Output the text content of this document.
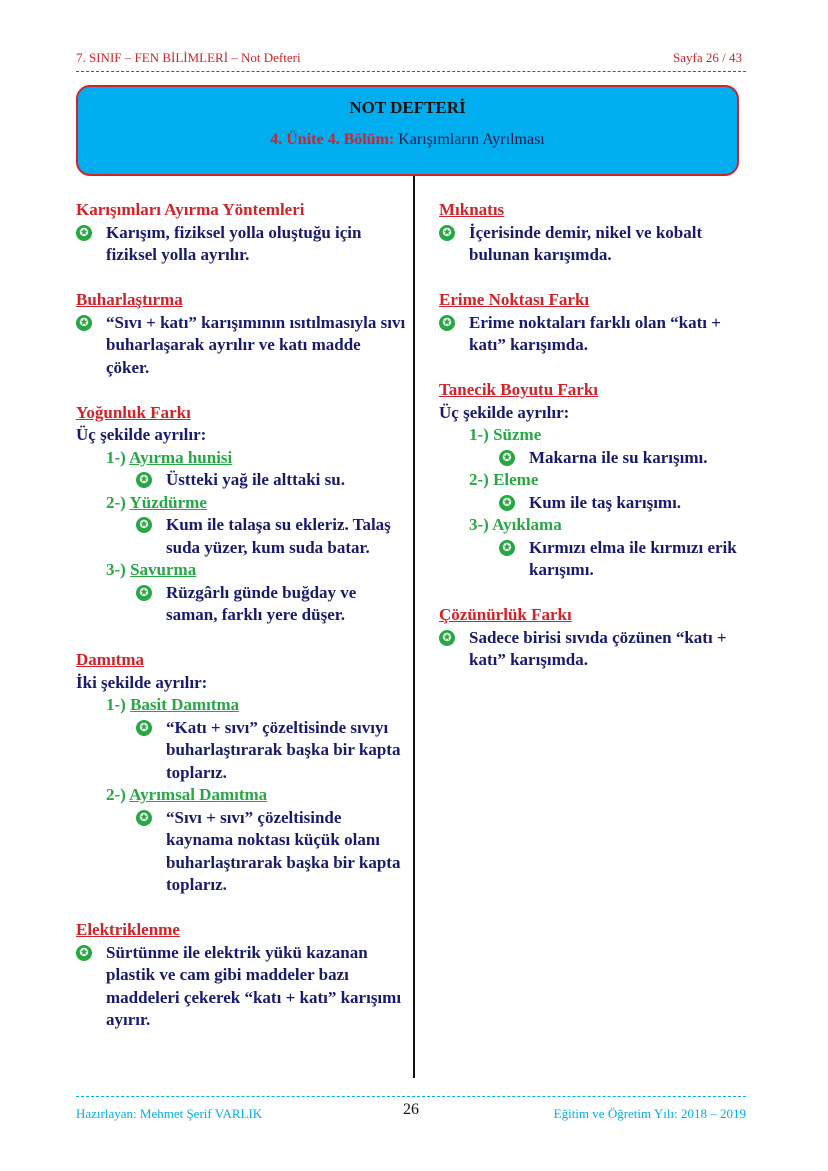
7. SINIF – FEN BİLİMLERİ – Not Defteri	Sayfa 26 / 43
NOT DEFTERİ
4. Ünite 4. Bölüm: Karışımların Ayrılması
Karışımları Ayırma Yöntemleri
✪ Karışım, fiziksel yolla oluştuğu için fiziksel yolla ayrılır.
Buharlaştırma
✪ “Sıvı + katı” karışımının ısıtılmasıyla sıvı buharlaşarak ayrılır ve katı madde çöker.
Yoğunluk Farkı
Üç şekilde ayrılır:
1-) Ayırma hunisi
✪ Üstteki yağ ile alttaki su.
2-) Yüzdürme
✪ Kum ile talaşa su ekleriz. Talaş suda yüzer, kum suda batar.
3-) Savurma
✪ Rüzgârlı günde buğday ve saman, farklı yere düşer.
Damıtma
İki şekilde ayrılır:
1-) Basit Damıtma
✪ “Katı + sıvı” çözeltisinde sıvıyı buharlaştırarak başka bir kapta toplarız.
2-) Ayrımsal Damıtma
✪ “Sıvı + sıvı” çözeltisinde kaynama noktası küçük olanı buharlaştırarak başka bir kapta toplarız.
Elektriklenme
✪ Sürtünme ile elektrik yükü kazanan plastik ve cam gibi maddeler bazı maddeleri çekerek “katı + katı” karışımı ayırır.
Mıknatıs
✪ İçerisinde demir, nikel ve kobalt bulunan karışımda.
Erime Noktası Farkı
✪ Erime noktaları farklı olan “katı + katı” karışımda.
Tanecik Boyutu Farkı
Üç şekilde ayrılır:
1-) Süzme
✪ Makarna ile su karışımı.
2-) Eleme
✪ Kum ile taş karışımı.
3-) Ayıklama
✪ Kırmızı elma ile kırmızı erik karışımı.
Çözünürlük Farkı
✪ Sadece birisi sıvıda çözünen “katı + katı” karışımda.
Hazırlayan: Mehmet Şerif VARLIK	26	Eğitim ve Öğretim Yılı: 2018 – 2019
